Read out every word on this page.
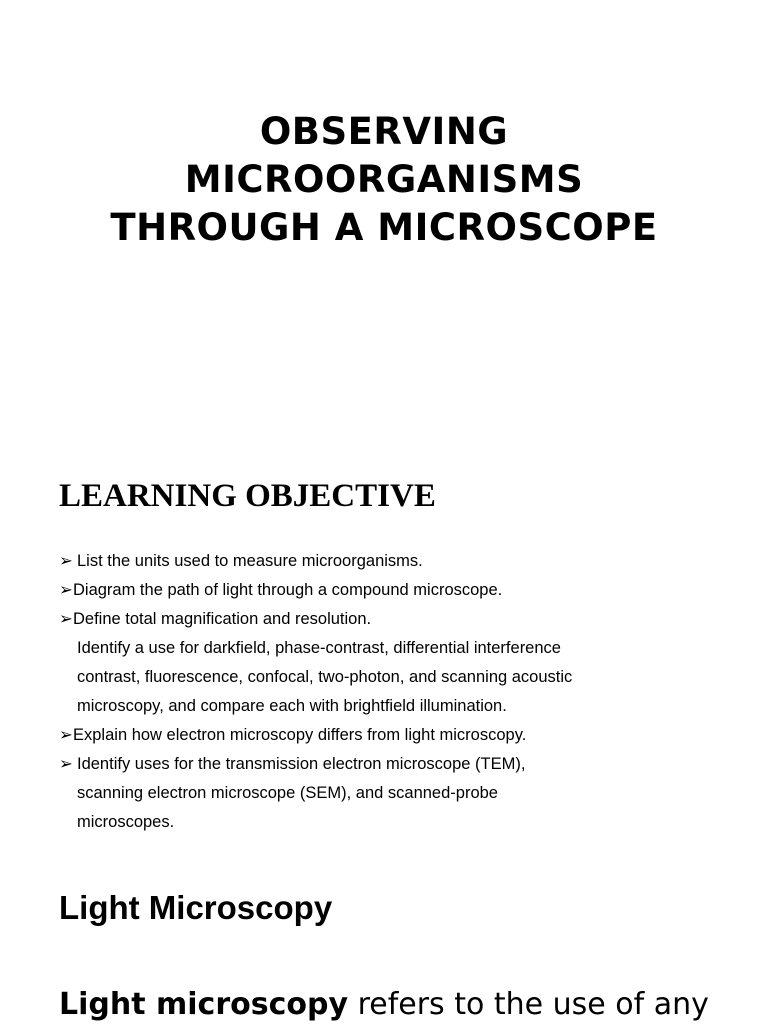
OBSERVING
MICROORGANISMS
THROUGH A MICROSCOPE
LEARNING OBJECTIVE
➢ List the units used to measure microorganisms.
➢ Diagram the path of light through a compound microscope.
➢ Define total magnification and resolution.
Identify a use for darkfield, phase-contrast, differential interference
contrast, fluorescence, confocal, two-photon, and scanning acoustic
microscopy, and compare each with brightfield illumination.
➢ Explain how electron microscopy differs from light microscopy.
➢ Identify uses for the transmission electron microscope (TEM),
scanning electron microscope (SEM), and scanned-probe
microscopes.
Light Microscopy
Light microscopy refers to the use of any
